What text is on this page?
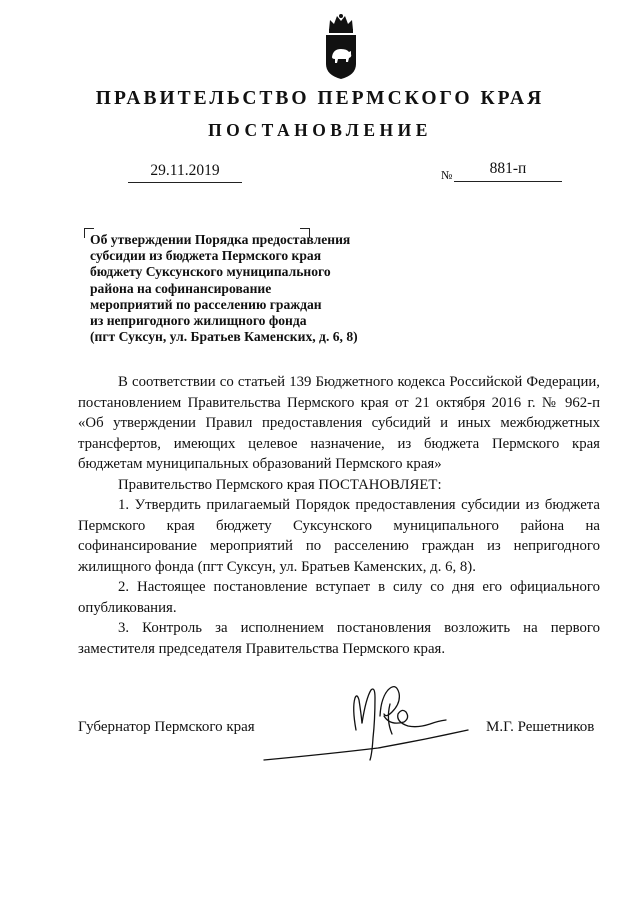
ПРАВИТЕЛЬСТВО ПЕРМСКОГО КРАЯ
ПОСТАНОВЛЕНИЕ
29.11.2019	№	881-п
Об утверждении Порядка предоставления
субсидии из бюджета Пермского края
бюджету Суксунского муниципального
района на софинансирование
мероприятий по расселению граждан
из непригодного жилищного фонда
(пгт Суксун, ул. Братьев Каменских, д. 6, 8)

В соответствии со статьей 139 Бюджетного кодекса Российской Федерации, постановлением Правительства Пермского края от 21 октября 2016 г. № 962-п «Об утверждении Правил предоставления субсидий и иных межбюджетных трансфертов, имеющих целевое назначение, из бюджета Пермского края бюджетам муниципальных образований Пермского края»

Правительство Пермского края ПОСТАНОВЛЯЕТ:

1. Утвердить прилагаемый Порядок предоставления субсидии из бюджета Пермского края бюджету Суксунского муниципального района на софинансирование мероприятий по расселению граждан из непригодного жилищного фонда (пгт Суксун, ул. Братьев Каменских, д. 6, 8).

2. Настоящее постановление вступает в силу со дня его официального опубликования.

3. Контроль за исполнением постановления возложить на первого заместителя председателя Правительства Пермского края.

Губернатор Пермского края	М.Г. Решетников
